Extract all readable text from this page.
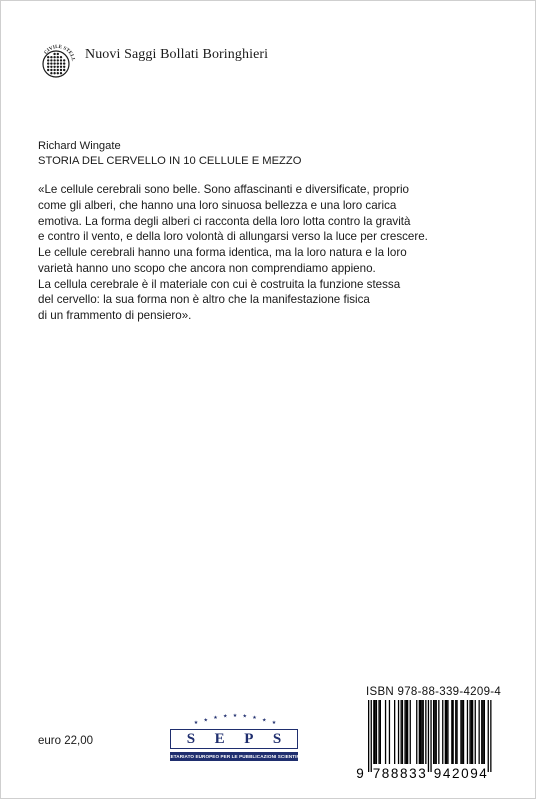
CIVILE STELL Nuovi Saggi Bollati Boringhieri
Richard Wingate
STORIA DEL CERVELLO IN 10 CELLULE E MEZZO
«Le cellule cerebrali sono belle. Sono affascinanti e diversificate, proprio
come gli alberi, che hanno una loro sinuosa bellezza e una loro carica
emotiva. La forma degli alberi ci racconta della loro lotta contro la gravità
e contro il vento, e della loro volontà di allungarsi verso la luce per crescere.
Le cellule cerebrali hanno una forma identica, ma la loro natura e la loro
varietà hanno uno scopo che ancora non comprendiamo appieno.
La cellula cerebrale è il materiale con cui è costruita la funzione stessa
del cervello: la sua forma non è altro che la manifestazione fisica
di un frammento di pensiero».
euro 22,00
★ ★ ★ ★ ★ ★ ★ ★ ★
S E P S
SEGRETARIATO EUROPEO PER LE PUBBLICAZIONI SCIENTIFICHE
ISBN 978-88-339-4209-4
9 7 8 8 8 3 3 9 4 2 0 9 4
